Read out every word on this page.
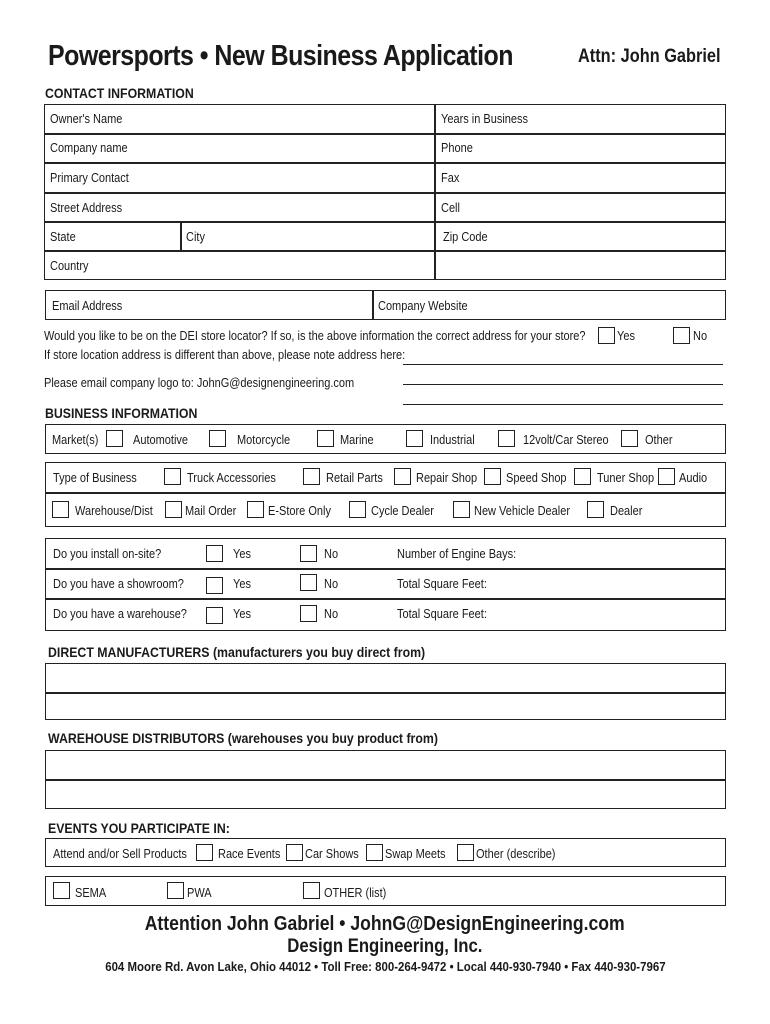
Powersports • New Business Application	Attn: John Gabriel
CONTACT INFORMATION
Owner's Name	Years in Business
Company name	Phone
Primary Contact	Fax
Street Address	Cell
State	City	Zip Code
Country
Email Address	Company Website
Would you like to be on the DEI store locator? If so, is the above information the correct address for your store?	Yes	No
If store location address is different than above, please note address here:
Please email company logo to: JohnG@designengineering.com
BUSINESS INFORMATION
Market(s)	Automotive	Motorcycle	Marine	Industrial	12volt/Car Stereo	Other
Type of Business	Truck Accessories	Retail Parts	Repair Shop Speed Shop Tuner Shop Audio
Warehouse/Dist	Mail Order	E-Store Only	Cycle Dealer	New Vehicle Dealer	Dealer
Do you install on-site?	Yes	No	Number of Engine Bays:
Do you have a showroom?	Yes	No	Total Square Feet:
Do you have a warehouse?	Yes	No	Total Square Feet:
DIRECT MANUFACTURERS (manufacturers you buy direct from)
WAREHOUSE DISTRIBUTORS (warehouses you buy product from)
EVENTS YOU PARTICIPATE IN:
Attend and/or Sell Products Race Events Car Shows Swap Meets Other (describe)
SEMA	PWA	OTHER (list)
Attention John Gabriel • JohnG@DesignEngineering.com
Design Engineering, Inc.
604 Moore Rd. Avon Lake, Ohio 44012 • Toll Free: 800-264-9472 • Local 440-930-7940 • Fax 440-930-7967
